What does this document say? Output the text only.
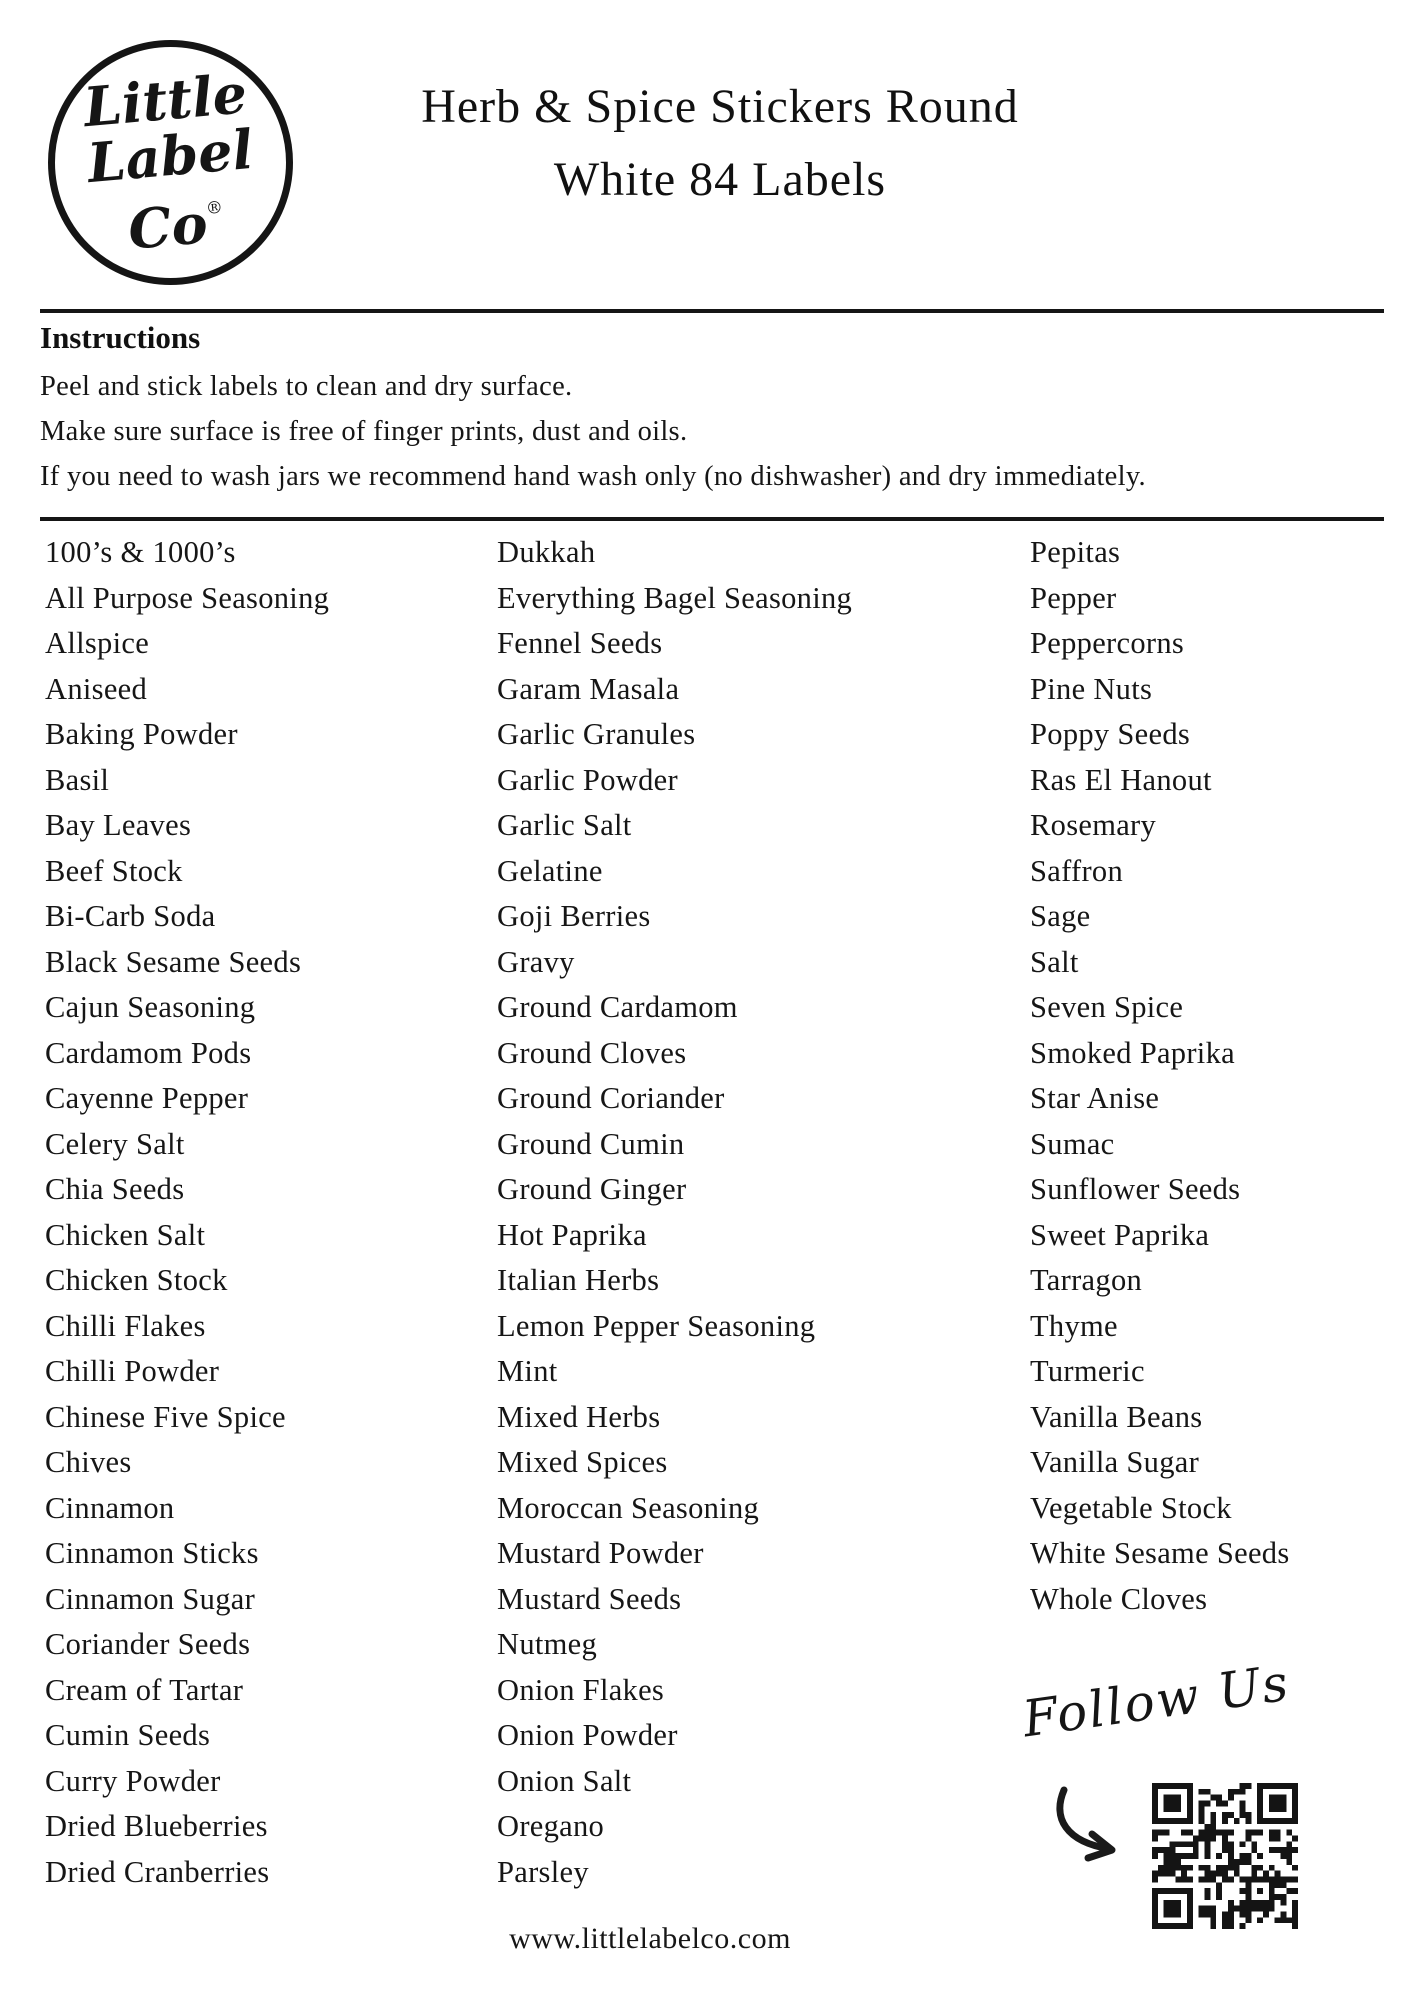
Little
Label
Co®
Herb & Spice Stickers Round
White 84 Labels
Instructions
Peel and stick labels to clean and dry surface.
Make sure surface is free of finger prints, dust and oils.
If you need to wash jars we recommend hand wash only (no dishwasher) and dry immediately.
100’s & 1000’s
All Purpose Seasoning
Allspice
Aniseed
Baking Powder
Basil
Bay Leaves
Beef Stock
Bi-Carb Soda
Black Sesame Seeds
Cajun Seasoning
Cardamom Pods
Cayenne Pepper
Celery Salt
Chia Seeds
Chicken Salt
Chicken Stock
Chilli Flakes
Chilli Powder
Chinese Five Spice
Chives
Cinnamon
Cinnamon Sticks
Cinnamon Sugar
Coriander Seeds
Cream of Tartar
Cumin Seeds
Curry Powder
Dried Blueberries
Dried Cranberries
Dukkah
Everything Bagel Seasoning
Fennel Seeds
Garam Masala
Garlic Granules
Garlic Powder
Garlic Salt
Gelatine
Goji Berries
Gravy
Ground Cardamom
Ground Cloves
Ground Coriander
Ground Cumin
Ground Ginger
Hot Paprika
Italian Herbs
Lemon Pepper Seasoning
Mint
Mixed Herbs
Mixed Spices
Moroccan Seasoning
Mustard Powder
Mustard Seeds
Nutmeg
Onion Flakes
Onion Powder
Onion Salt
Oregano
Parsley
Pepitas
Pepper
Peppercorns
Pine Nuts
Poppy Seeds
Ras El Hanout
Rosemary
Saffron
Sage
Salt
Seven Spice
Smoked Paprika
Star Anise
Sumac
Sunflower Seeds
Sweet Paprika
Tarragon
Thyme
Turmeric
Vanilla Beans
Vanilla Sugar
Vegetable Stock
White Sesame Seeds
Whole Cloves
Follow Us
www.littlelabelco.com
